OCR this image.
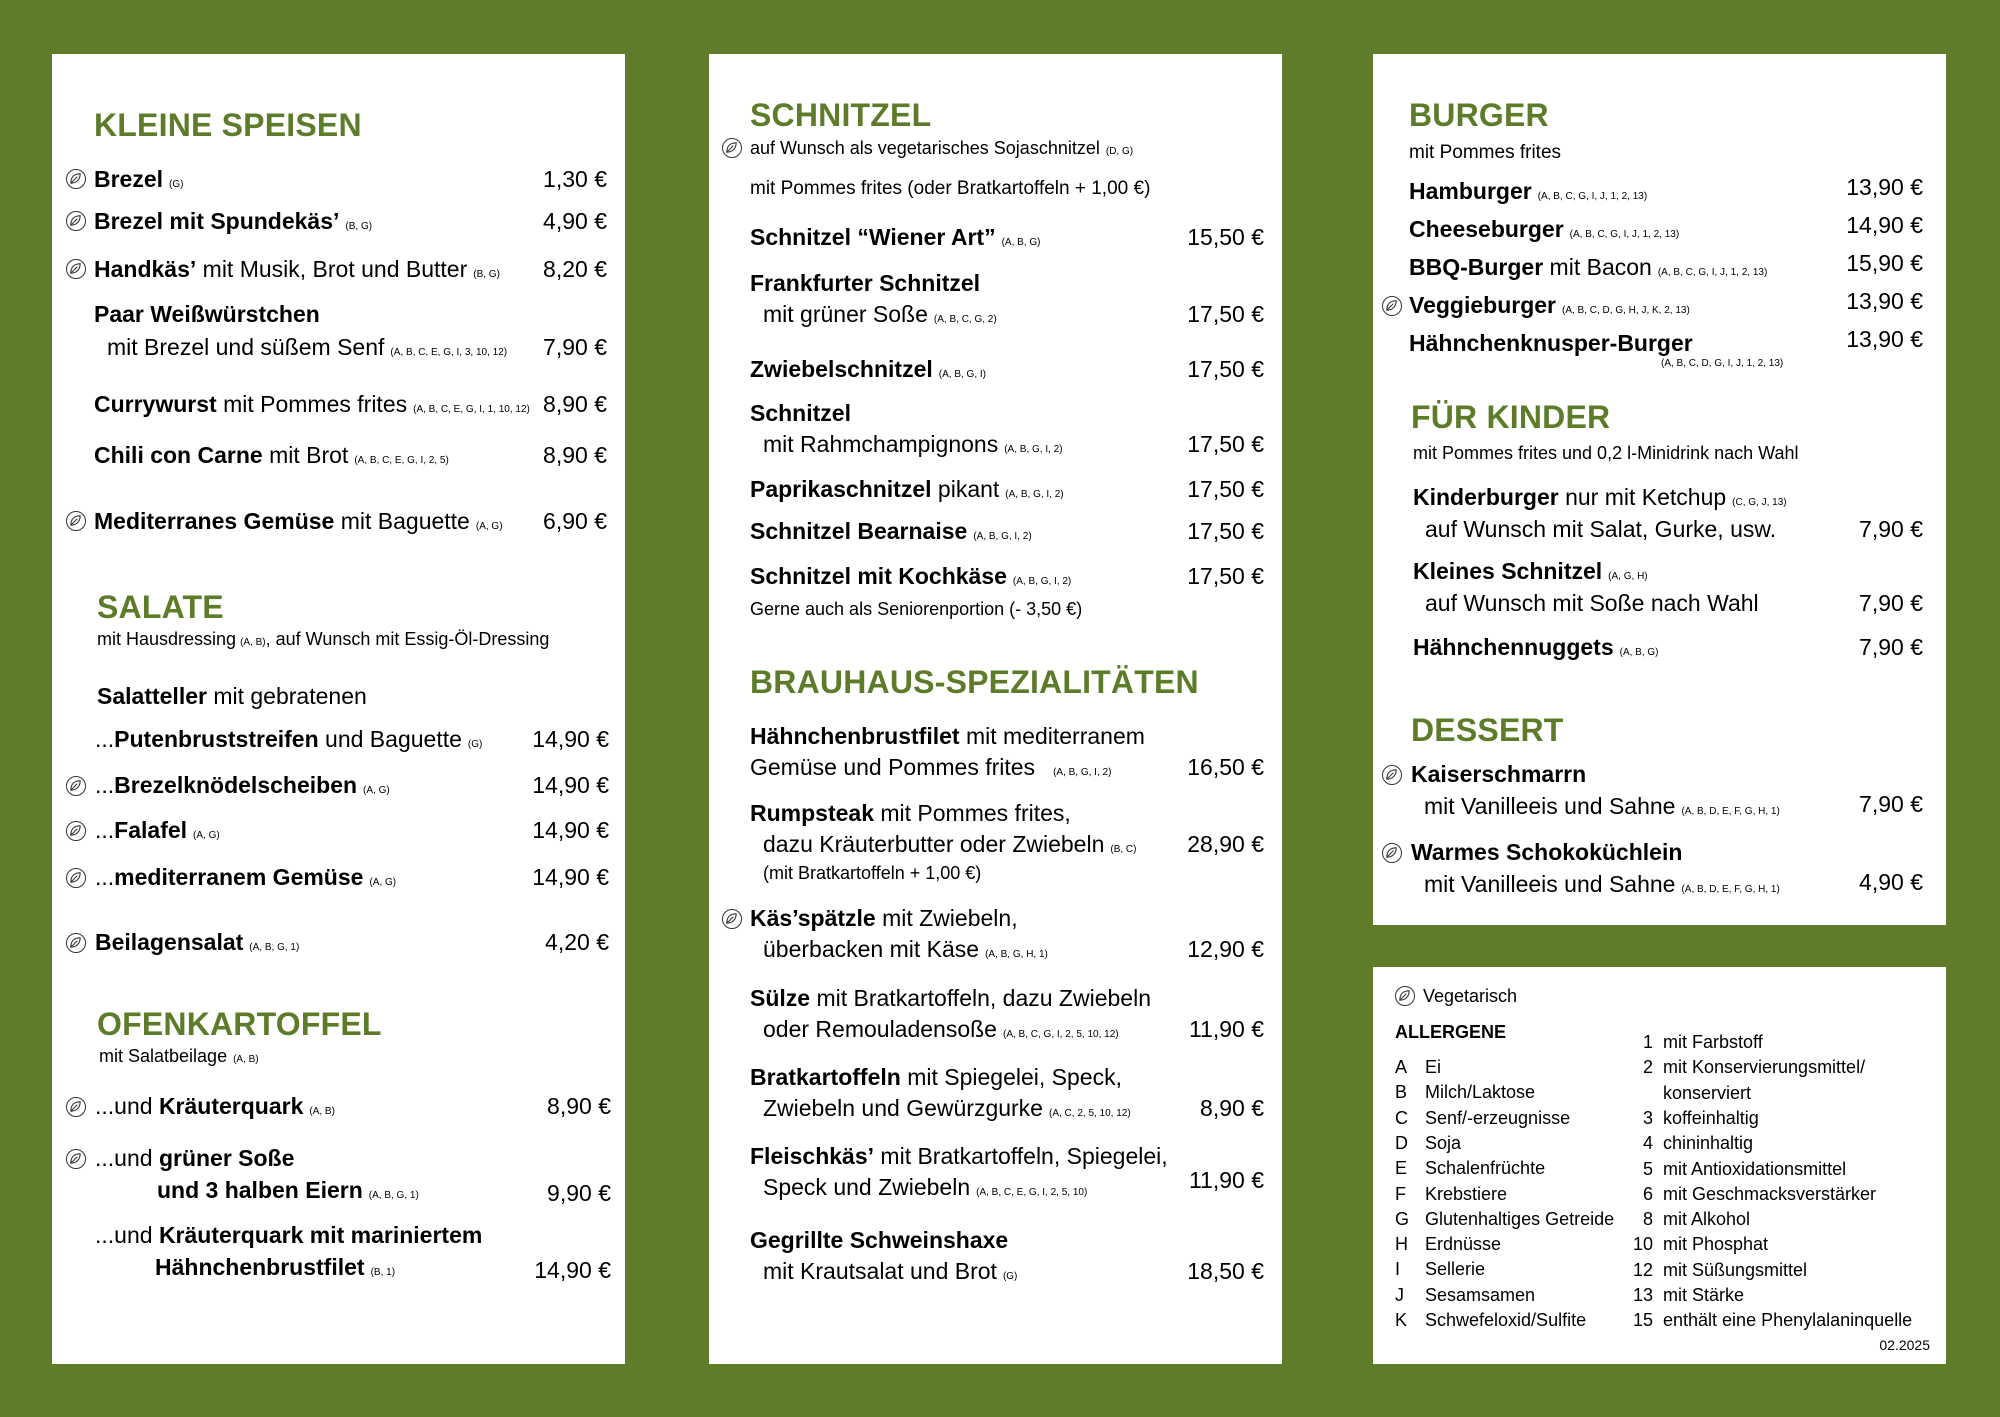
KLEINE SPEISEN
Brezel (G)	1,30 €
Brezel mit Spundekäs’ (B, G)	4,90 €
Handkäs’ mit Musik, Brot und Butter (B, G) 8,20 €
Paar Weißwürstchen
mit Brezel und süßem Senf (A, B, C, E, G, I, 3, 10, 12) 7,90 €
Currywurst mit Pommes frites (A, B, C, E, G, I, 1, 10, 12) 8,90 €
Chili con Carne mit Brot (A, B, C, E, G, I, 2, 5)	8,90 €
Mediterranes Gemüse mit Baguette (A, G) 6,90 €
SALATE
mit Hausdressing (A, B), auf Wunsch mit Essig-Öl-Dressing
Salatteller mit gebratenen
...Putenbruststreifen und Baguette (G) 14,90 €
...Brezelknödelscheiben (A, G)	14,90 €
...Falafel (A, G)	14,90 €
...mediterranem Gemüse (A, G)	14,90 €
Beilagensalat (A, B, G, 1)	4,20 €
OFENKARTOFFEL
mit Salatbeilage (A, B)
...und Kräuterquark (A, B)	8,90 €
...und grüner Soße
und 3 halben Eiern (A, B, G, 1)	9,90 €
...und Kräuterquark mit mariniertem
Hähnchenbrustfilet (B, 1)	14,90 €
SCHNITZEL
auf Wunsch als vegetarisches Sojaschnitzel (D, G)
mit Pommes frites (oder Bratkartoffeln + 1,00 €)
Schnitzel “Wiener Art” (A, B, G)	15,50 €
Frankfurter Schnitzel
mit grüner Soße (A, B, C, G, 2)	17,50 €
Zwiebelschnitzel (A, B, G, I)	17,50 €
Schnitzel
mit Rahmchampignons (A, B, G, I, 2)	17,50 €
Paprikaschnitzel pikant (A, B, G, I, 2)	17,50 €
Schnitzel Bearnaise (A, B, G, I, 2)	17,50 €
Schnitzel mit Kochkäse (A, B, G, I, 2)	17,50 €
Gerne auch als Seniorenportion (- 3,50 €)
BRAUHAUS-SPEZIALITÄTEN
Hähnchenbrustfilet mit mediterranem
Gemüse und Pommes frites (A, B, G, I, 2)	16,50 €
Rumpsteak mit Pommes frites,
dazu Kräuterbutter oder Zwiebeln (B, C)
(mit Bratkartoffeln + 1,00 €)
28,90 €
Käs’spätzle mit Zwiebeln,
überbacken mit Käse (A, B, G, H, 1)	12,90 €
Sülze mit Bratkartoffeln, dazu Zwiebeln
oder Remouladensoße (A, B, C, G, I, 2, 5, 10, 12)	11,90 €
Bratkartoffeln mit Spiegelei, Speck,
Zwiebeln und Gewürzgurke (A, C, 2, 5, 10, 12)	8,90 €
Fleischkäs’ mit Bratkartoffeln, Spiegelei,
Speck und Zwiebeln (A, B, C, E, G, I, 2, 5, 10)	11,90 €
Gegrillte Schweinshaxe
mit Krautsalat und Brot (G)	18,50 €
BURGER
mit Pommes frites
Hamburger (A, B, C, G, I, J, 1, 2, 13)	13,90 €
Cheeseburger (A, B, C, G, I, J, 1, 2, 13)	14,90 €
BBQ-Burger mit Bacon (A, B, C, G, I, J, 1, 2, 13)	15,90 €
Veggieburger (A, B, C, D, G, H, J, K, 2, 13)	13,90 €
Hähnchenknusper-Burger
(A, B, C, D, G, I, J, 1, 2, 13)
13,90 €
FÜR KINDER
mit Pommes frites und 0,2 l-Minidrink nach Wahl
Kinderburger nur mit Ketchup (C, G, J, 13)
auf Wunsch mit Salat, Gurke, usw.	7,90 €
Kleines Schnitzel (A, G, H)
auf Wunsch mit Soße nach Wahl	7,90 €
Hähnchennuggets (A, B, G)	7,90 €
DESSERT
Kaiserschmarrn
mit Vanilleeis und Sahne (A, B, D, E, F, G, H, 1)	7,90 €
Warmes Schokoküchlein
mit Vanilleeis und Sahne (A, B, D, E, F, G, H, 1)	4,90 €
Vegetarisch
ALLERGENE
A Ei
B Milch/Laktose
C Senf/-erzeugnisse
D Soja
E Schalenfrüchte
F Krebstiere
G Glutenhaltiges Getreide
H Erdnüsse
I Sellerie
J Sesamsamen
K Schwefeloxid/Sulfite
1 mit Farbstoff
2 mit Konservierungsmittel/
konserviert
3 koffeinhaltig
4 chininhaltig
5 mit Antioxidationsmittel
6 mit Geschmacksverstärker
8 mit Alkohol
10 mit Phosphat
12 mit Süßungsmittel
13 mit Stärke
15 enthält eine Phenylalaninquelle
02.2025
